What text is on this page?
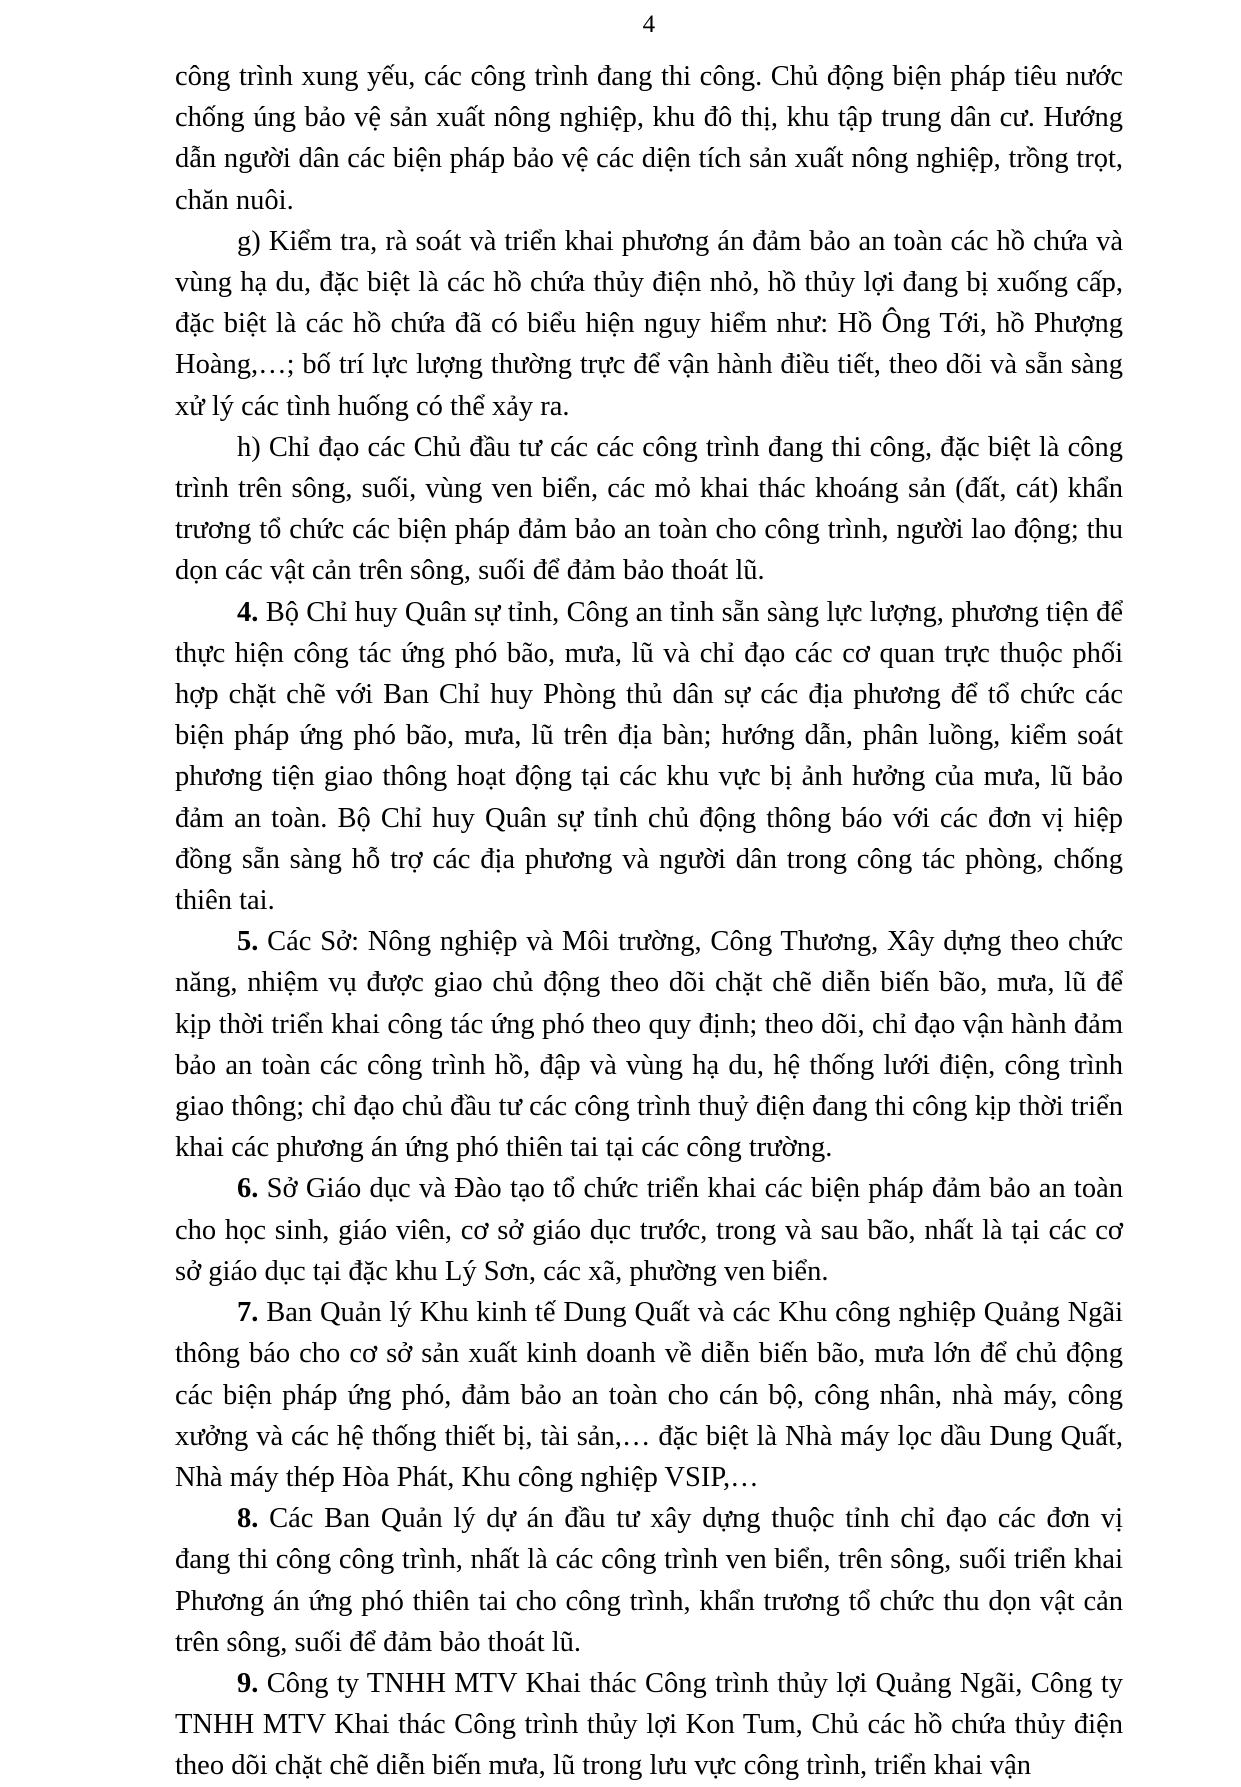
4

công trình xung yếu, các công trình đang thi công. Chủ động biện pháp tiêu nước chống úng bảo vệ sản xuất nông nghiệp, khu đô thị, khu tập trung dân cư. Hướng dẫn người dân các biện pháp bảo vệ các diện tích sản xuất nông nghiệp, trồng trọt, chăn nuôi.

g) Kiểm tra, rà soát và triển khai phương án đảm bảo an toàn các hồ chứa và vùng hạ du, đặc biệt là các hồ chứa thủy điện nhỏ, hồ thủy lợi đang bị xuống cấp, đặc biệt là các hồ chứa đã có biểu hiện nguy hiểm như: Hồ Ông Tới, hồ Phượng Hoàng,…; bố trí lực lượng thường trực để vận hành điều tiết, theo dõi và sẵn sàng xử lý các tình huống có thể xảy ra.

h) Chỉ đạo các Chủ đầu tư các các công trình đang thi công, đặc biệt là công trình trên sông, suối, vùng ven biển, các mỏ khai thác khoáng sản (đất, cát) khẩn trương tổ chức các biện pháp đảm bảo an toàn cho công trình, người lao động; thu dọn các vật cản trên sông, suối để đảm bảo thoát lũ.

4. Bộ Chỉ huy Quân sự tỉnh, Công an tỉnh sẵn sàng lực lượng, phương tiện để thực hiện công tác ứng phó bão, mưa, lũ và chỉ đạo các cơ quan trực thuộc phối hợp chặt chẽ với Ban Chỉ huy Phòng thủ dân sự các địa phương để tổ chức các biện pháp ứng phó bão, mưa, lũ trên địa bàn; hướng dẫn, phân luồng, kiểm soát phương tiện giao thông hoạt động tại các khu vực bị ảnh hưởng của mưa, lũ bảo đảm an toàn. Bộ Chỉ huy Quân sự tỉnh chủ động thông báo với các đơn vị hiệp đồng sẵn sàng hỗ trợ các địa phương và người dân trong công tác phòng, chống thiên tai.

5. Các Sở: Nông nghiệp và Môi trường, Công Thương, Xây dựng theo chức năng, nhiệm vụ được giao chủ động theo dõi chặt chẽ diễn biến bão, mưa, lũ để kịp thời triển khai công tác ứng phó theo quy định; theo dõi, chỉ đạo vận hành đảm bảo an toàn các công trình hồ, đập và vùng hạ du, hệ thống lưới điện, công trình giao thông; chỉ đạo chủ đầu tư các công trình thuỷ điện đang thi công kịp thời triển khai các phương án ứng phó thiên tai tại các công trường.

6. Sở Giáo dục và Đào tạo tổ chức triển khai các biện pháp đảm bảo an toàn cho học sinh, giáo viên, cơ sở giáo dục trước, trong và sau bão, nhất là tại các cơ sở giáo dục tại đặc khu Lý Sơn, các xã, phường ven biển.

7. Ban Quản lý Khu kinh tế Dung Quất và các Khu công nghiệp Quảng Ngãi thông báo cho cơ sở sản xuất kinh doanh về diễn biến bão, mưa lớn để chủ động các biện pháp ứng phó, đảm bảo an toàn cho cán bộ, công nhân, nhà máy, công xưởng và các hệ thống thiết bị, tài sản,… đặc biệt là Nhà máy lọc dầu Dung Quất, Nhà máy thép Hòa Phát, Khu công nghiệp VSIP,…

8. Các Ban Quản lý dự án đầu tư xây dựng thuộc tỉnh chỉ đạo các đơn vị đang thi công công trình, nhất là các công trình ven biển, trên sông, suối triển khai Phương án ứng phó thiên tai cho công trình, khẩn trương tổ chức thu dọn vật cản trên sông, suối để đảm bảo thoát lũ.

9. Công ty TNHH MTV Khai thác Công trình thủy lợi Quảng Ngãi, Công ty TNHH MTV Khai thác Công trình thủy lợi Kon Tum, Chủ các hồ chứa thủy điện theo dõi chặt chẽ diễn biến mưa, lũ trong lưu vực công trình, triển khai vận
